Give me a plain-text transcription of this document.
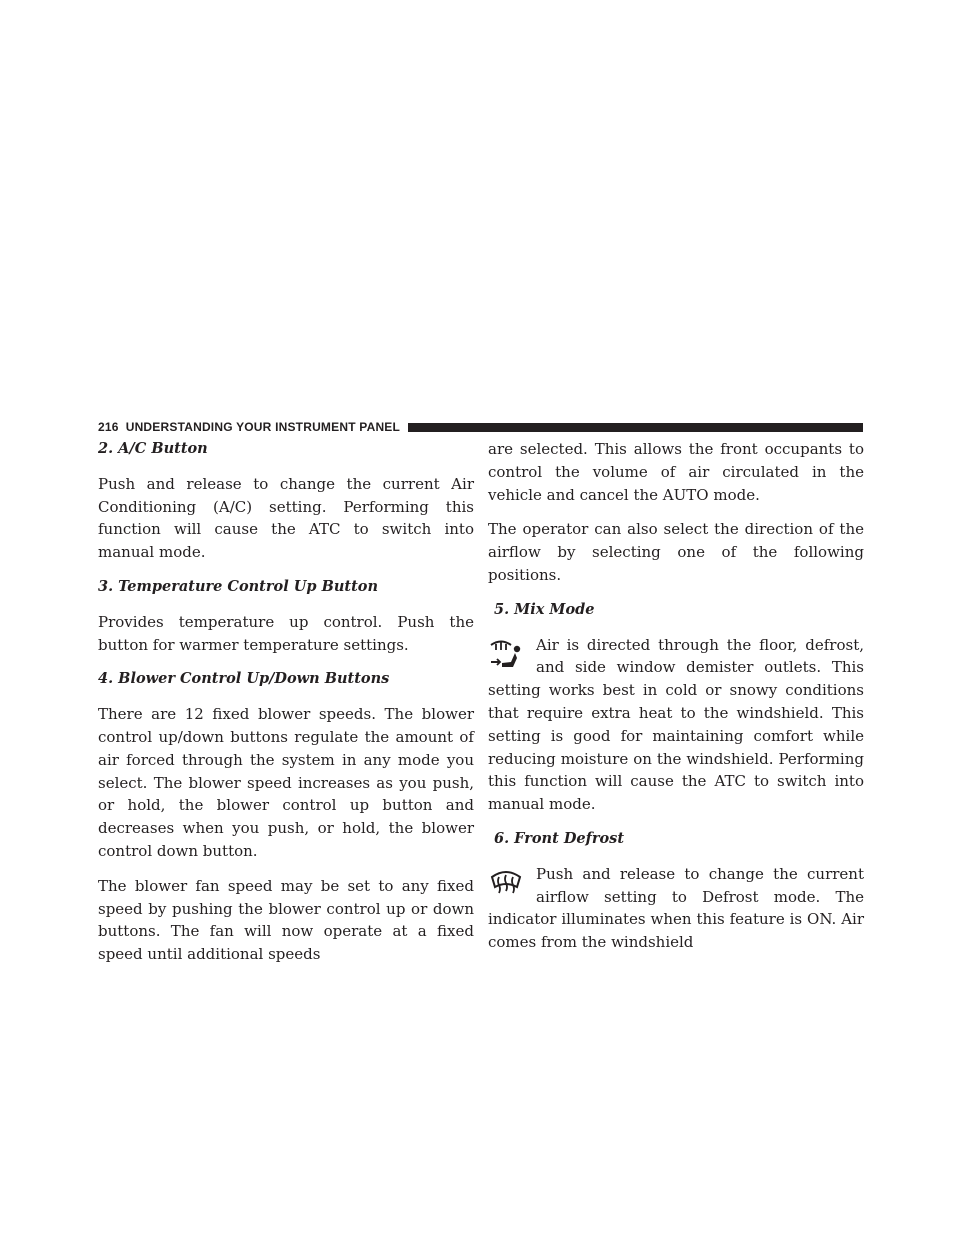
216 UNDERSTANDING YOUR INSTRUMENT PANEL
2. A/C Button

Push and release to change the current Air Conditioning (A/C) setting. Performing this function will cause the ATC to switch into manual mode.

3. Temperature Control Up Button

Provides temperature up control. Push the button for warmer temperature settings.

4. Blower Control Up/Down Buttons

There are 12 fixed blower speeds. The blower control up/down buttons regulate the amount of air forced through the system in any mode you select. The blower speed increases as you push, or hold, the blower control up button and decreases when you push, or hold, the blower control down button.

The blower fan speed may be set to any fixed speed by pushing the blower control up or down buttons. The fan will now operate at a fixed speed until additional speeds

are selected. This allows the front occupants to control the volume of air circulated in the vehicle and cancel the AUTO mode.

The operator can also select the direction of the airflow by selecting one of the following positions.

5. Mix Mode

Air is directed through the floor, defrost, and side window demister outlets. This setting works best in cold or snowy conditions that require extra heat to the windshield. This setting is good for maintaining comfort while reducing moisture on the windshield. Performing this function will cause the ATC to switch into manual mode.

6. Front Defrost

Push and release to change the current airflow setting to Defrost mode. The indicator illuminates when this feature is ON. Air comes from the windshield
